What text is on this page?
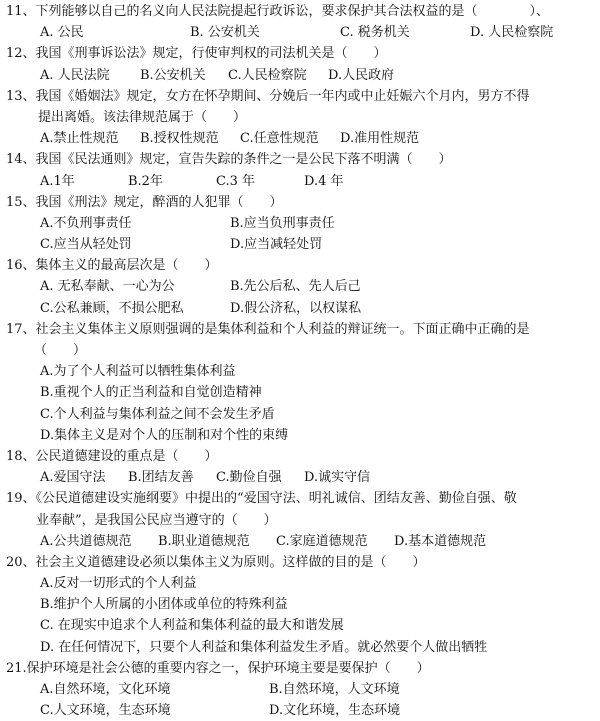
11、下列能够以自己的名义向人民法院提起行政诉讼，要求保护其合法权益的是（　　　　）、
A. 公民	B. 公安机关	C. 税务机关	D. 人民检察院
12、我国《刑事诉讼法》规定，行使审判权的司法机关是（　　）
A. 人民法院 B.公安机关 C.人民检察院 D.人民政府
13、我国《婚姻法》规定，女方在怀孕期间、分娩后一年内或中止妊娠六个月内，男方不得
提出离婚。该法律规范属于（　　）
A.禁止性规范 B.授权性规范 C.任意性规范 D.准用性规范
14、我国《民法通则》规定，宣告失踪的条件之一是公民下落不明满（　　）
A.1年	B.2年	C.3 年	D.4 年
15、我国《刑法》规定，醉酒的人犯罪（　　）
A.不负刑事责任	B.应当负刑事责任
C.应当从轻处罚	D.应当减轻处罚
16、集体主义的最高层次是（　　）
A. 无私奉献、一心为公	B.先公后私、先人后己
C.公私兼顾，不损公肥私	D.假公济私，以权谋私
17、社会主义集体主义原则强调的是集体利益和个人利益的辩证统一。下面正确中正确的是
（　　）
A.为了个人利益可以牺牲集体利益
B.重视个人的正当利益和自觉创造精神
C.个人利益与集体利益之间不会发生矛盾
D.集体主义是对个人的压制和对个性的束缚
18、公民道德建设的重点是（　　）
A.爱国守法 B.团结友善 C.勤俭自强 D.诚实守信
19、《公民道德建设实施纲要》中提出的“爱国守法、明礼诚信、团结友善、勤俭自强、敬
业奉献”，是我国公民应当遵守的（　　）
A.公共道德规范 B.职业道德规范 C.家庭道德规范 D.基本道德规范
20、社会主义道德建设必须以集体主义为原则。这样做的目的是（　　）
A.反对一切形式的个人利益
B.维护个人所属的小团体或单位的特殊利益
C. 在现实中追求个人利益和集体利益的最大和谐发展
D. 在任何情况下，只要个人利益和集体利益发生矛盾。就必然要个人做出牺牲
21.保护环境是社会公德的重要内容之一，保护环境主要是要保护（　　）
A.自然环境，文化环境	B.自然环境，人文环境
C.人文环境，生态环境	D.文化环境，生态环境
